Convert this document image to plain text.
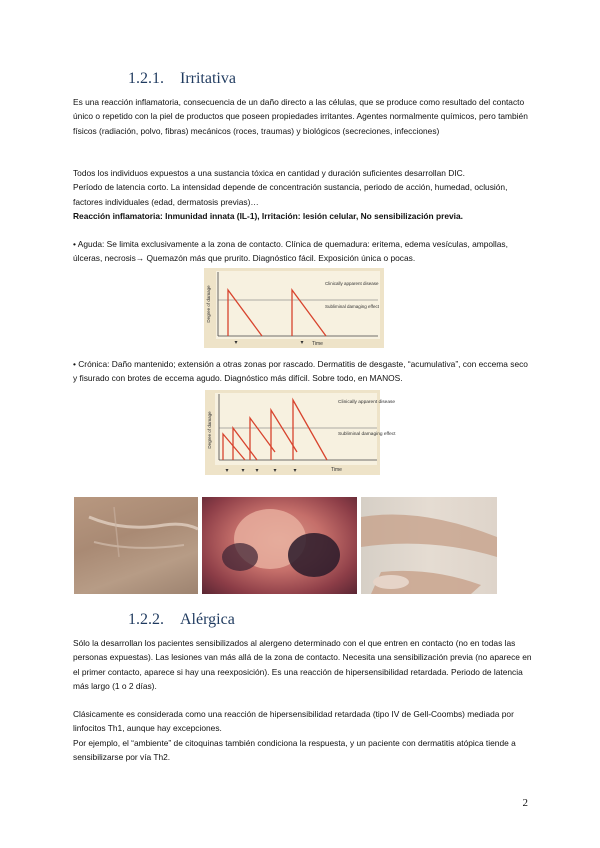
1.2.1. Irritativa

Es una reacción inflamatoria, consecuencia de un daño directo a las células, que se produce como resultado del contacto único o repetido con la piel de productos que poseen propiedades irritantes. Agentes normalmente químicos, pero también físicos (radiación, polvo, fibras) mecánicos (roces, traumas) y biológicos (secreciones, infecciones)

Todos los individuos expuestos a una sustancia tóxica en cantidad y duración suficientes desarrollan DIC.

Período de latencia corto. La intensidad depende de concentración sustancia, periodo de acción, humedad, oclusión, factores individuales (edad, dermatosis previas)…

Reacción inflamatoria: Inmunidad innata (IL-1), Irritación: lesión celular, No sensibilización previa.

• Aguda: Se limita exclusivamente a la zona de contacto. Clínica de quemadura: eritema, edema vesículas, ampollas, úlceras, necrosis→ Quemazón más que prurito. Diagnóstico fácil. Exposición única o pocas.

Degree of damage
Clinically apparent disease
Subliminal damaging effect
Time

• Crónica: Daño mantenido; extensión a otras zonas por rascado. Dermatitis de desgaste, “acumulativa”, con eccema seco y fisurado con brotes de eccema agudo. Diagnóstico más difícil. Sobre todo, en MANOS.

Degree of damage
Clinically apparent disease
Subliminal damaging effect
Time
1.2.2. Alérgica

Sólo la desarrollan los pacientes sensibilizados al alergeno determinado con el que entren en contacto (no en todas las personas expuestas). Las lesiones van más allá de la zona de contacto. Necesita una sensibilización previa (no aparece en el primer contacto, aparece si hay una reexposición). Es una reacción de hipersensibilidad retardada. Periodo de latencia más largo (1 o 2 días).

Clásicamente es considerada como una reacción de hipersensibilidad retardada (tipo IV de Gell-Coombs) mediada por linfocitos Th1, aunque hay excepciones.

Por ejemplo, el “ambiente” de citoquinas también condiciona la respuesta, y un paciente con dermatitis atópica tiende a sensibilizarse por vía Th2.

2
